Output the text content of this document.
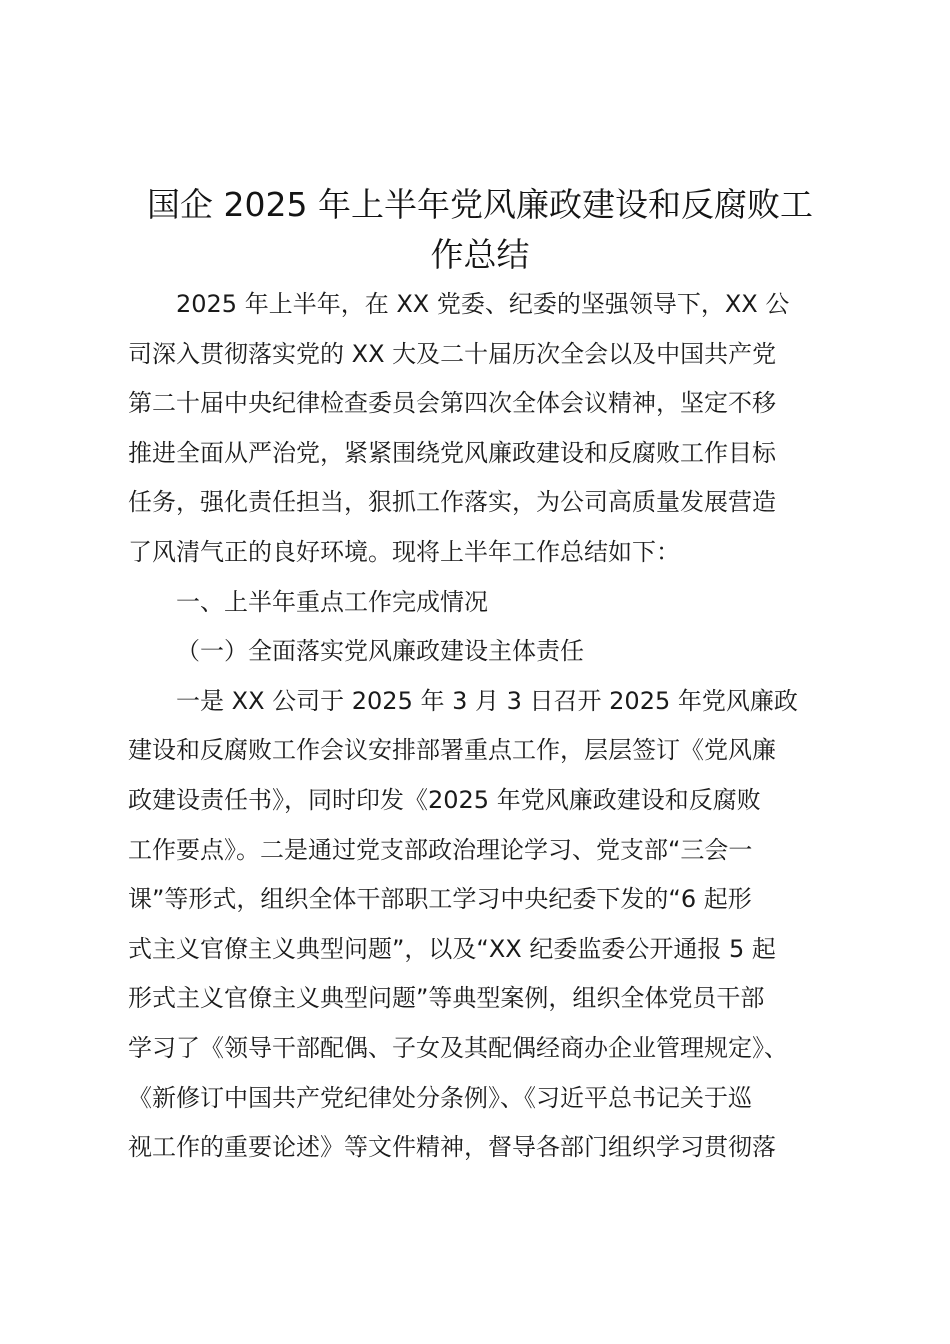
国企 2025 年上半年党风廉政建设和反腐败工
作总结
2025 年上半年，在 XX 党委、纪委的坚强领导下，XX 公
司深入贯彻落实党的 XX 大及二十届历次全会以及中国共产党
第二十届中央纪律检查委员会第四次全体会议精神，坚定不移
推进全面从严治党，紧紧围绕党风廉政建设和反腐败工作目标
任务，强化责任担当，狠抓工作落实，为公司高质量发展营造
了风清气正的良好环境。现将上半年工作总结如下：
一、上半年重点工作完成情况
（一）全面落实党风廉政建设主体责任
一是 XX 公司于 2025 年 3 月 3 日召开 2025 年党风廉政
建设和反腐败工作会议安排部署重点工作，层层签订《党风廉
政建设责任书》，同时印发《2025 年党风廉政建设和反腐败
工作要点》。二是通过党支部政治理论学习、党支部“三会一
课”等形式，组织全体干部职工学习中央纪委下发的“6 起形
式主义官僚主义典型问题”，以及“XX 纪委监委公开通报 5 起
形式主义官僚主义典型问题”等典型案例，组织全体党员干部
学习了《领导干部配偶、子女及其配偶经商办企业管理规定》、
《新修订中国共产党纪律处分条例》、《习近平总书记关于巡
视工作的重要论述》等文件精神，督导各部门组织学习贯彻落
